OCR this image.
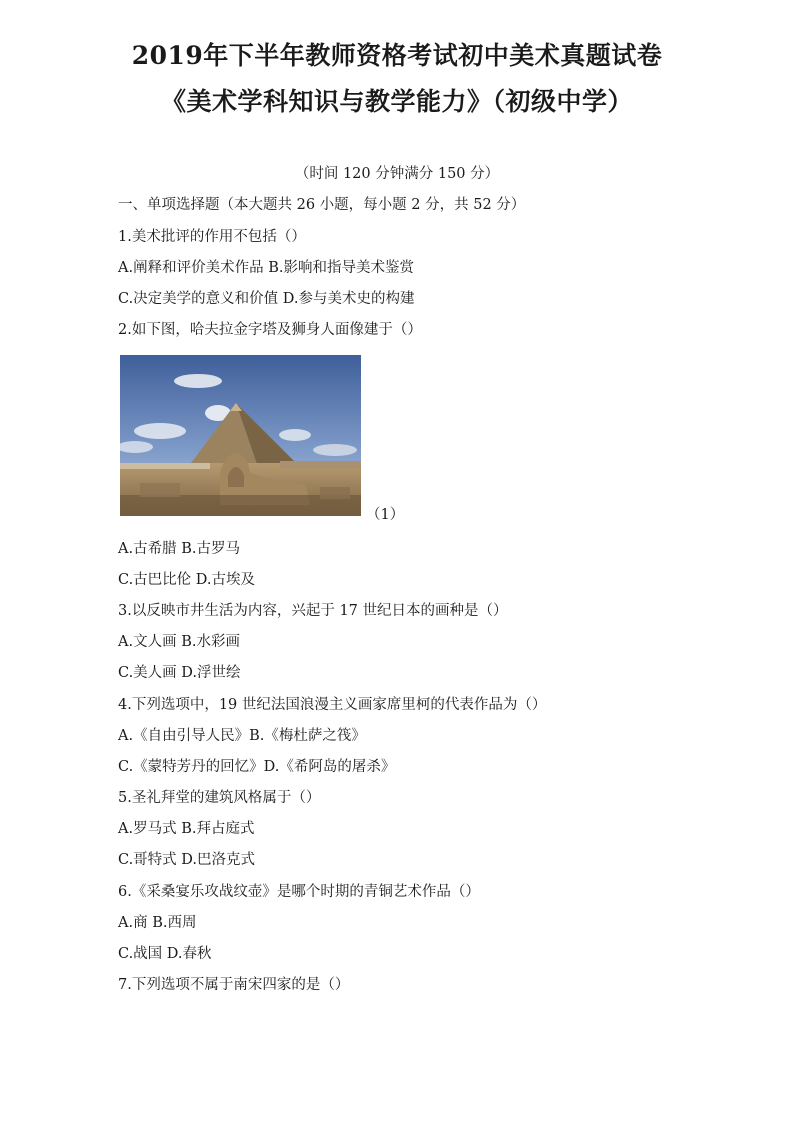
2019年下半年教师资格考试初中美术真题试卷
《美术学科知识与教学能力》（初级中学）
（时间 120 分钟满分 150 分）
一、单项选择题（本大题共 26 小题，每小题 2 分，共 52 分）
1.美术批评的作用不包括（）
A.阐释和评价美术作品 B.影响和指导美术鉴赏
C.决定美学的意义和价值 D.参与美术史的构建
2.如下图，哈夫拉金字塔及狮身人面像建于（）
（1）
A.古希腊 B.古罗马
C.古巴比伦 D.古埃及
3.以反映市井生活为内容，兴起于 17 世纪日本的画种是（）
A.文人画 B.水彩画
C.美人画 D.浮世绘
4.下列选项中，19 世纪法国浪漫主义画家席里柯的代表作品为（）
A.《自由引导人民》B.《梅杜萨之筏》
C.《蒙特芳丹的回忆》D.《希阿岛的屠杀》
5.圣礼拜堂的建筑风格属于（）
A.罗马式 B.拜占庭式
C.哥特式 D.巴洛克式
6.《采桑宴乐攻战纹壶》是哪个时期的青铜艺术作品（）
A.商 B.西周
C.战国 D.春秋
7.下列选项不属于南宋四家的是（）
